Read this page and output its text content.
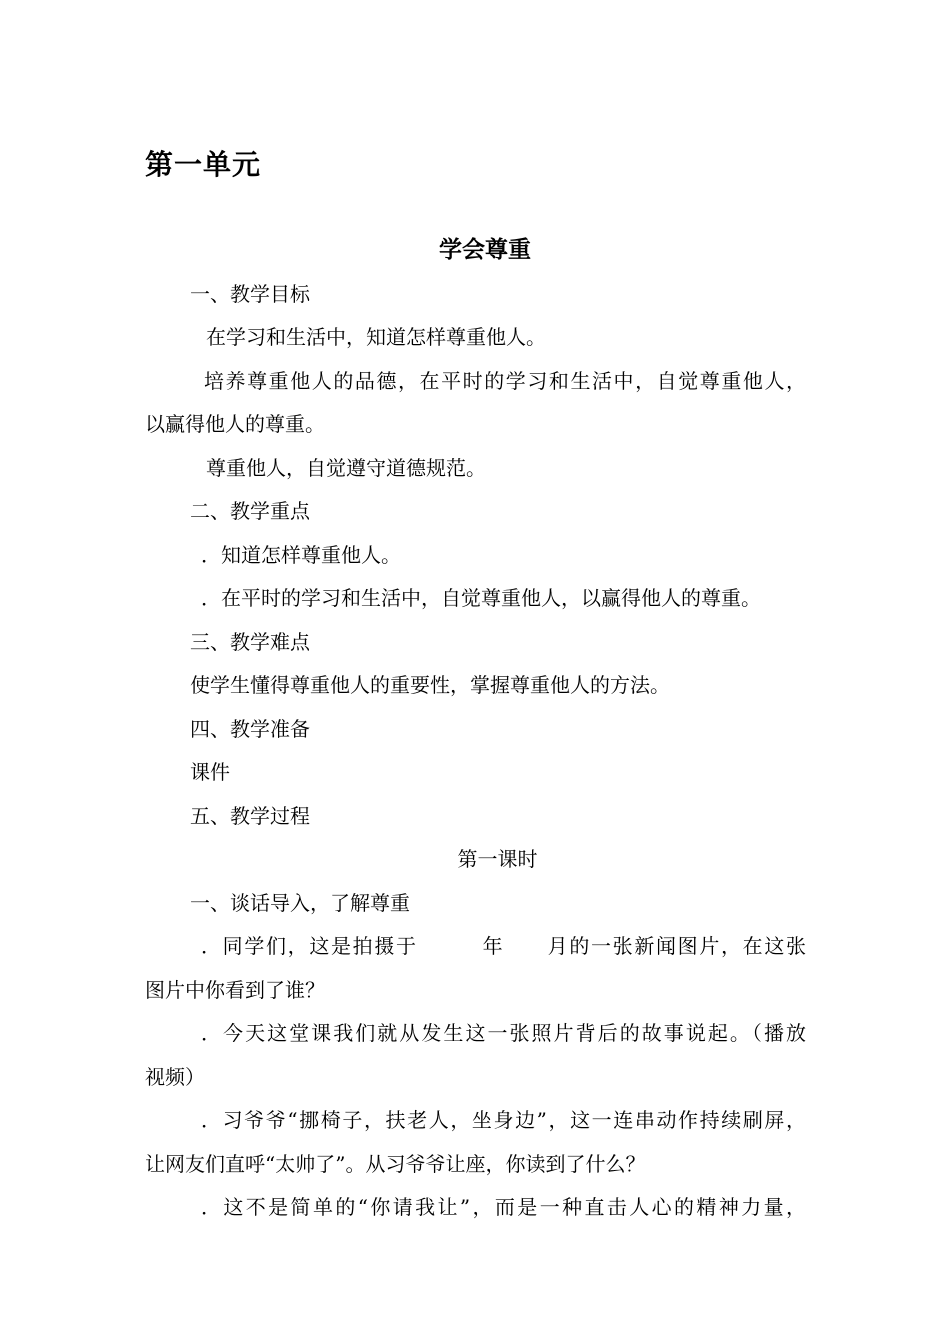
第一单元
学会尊重

一、教学目标

在学习和生活中，知道怎样尊重他人。

培养尊重他人的品德，在平时的学习和生活中，自觉尊重他人，

以赢得他人的尊重。

尊重他人，自觉遵守道德规范。

二、教学重点

．知道怎样尊重他人。

．在平时的学习和生活中，自觉尊重他人，以赢得他人的尊重。

三、教学难点

使学生懂得尊重他人的重要性，掌握尊重他人的方法。

四、教学准备

课件

五、教学过程

第一课时

一、谈话导入，了解尊重

．同学们，这是拍摄于　　　年　　月的一张新闻图片，在这张

图片中你看到了谁？

．今天这堂课我们就从发生这一张照片背后的故事说起。（播放

视频）

．习爷爷“挪椅子，扶老人，坐身边”，这一连串动作持续刷屏，

让网友们直呼“太帅了”。从习爷爷让座，你读到了什么？

．这不是简单的“你请我让”，而是一种直击人心的精神力量，
